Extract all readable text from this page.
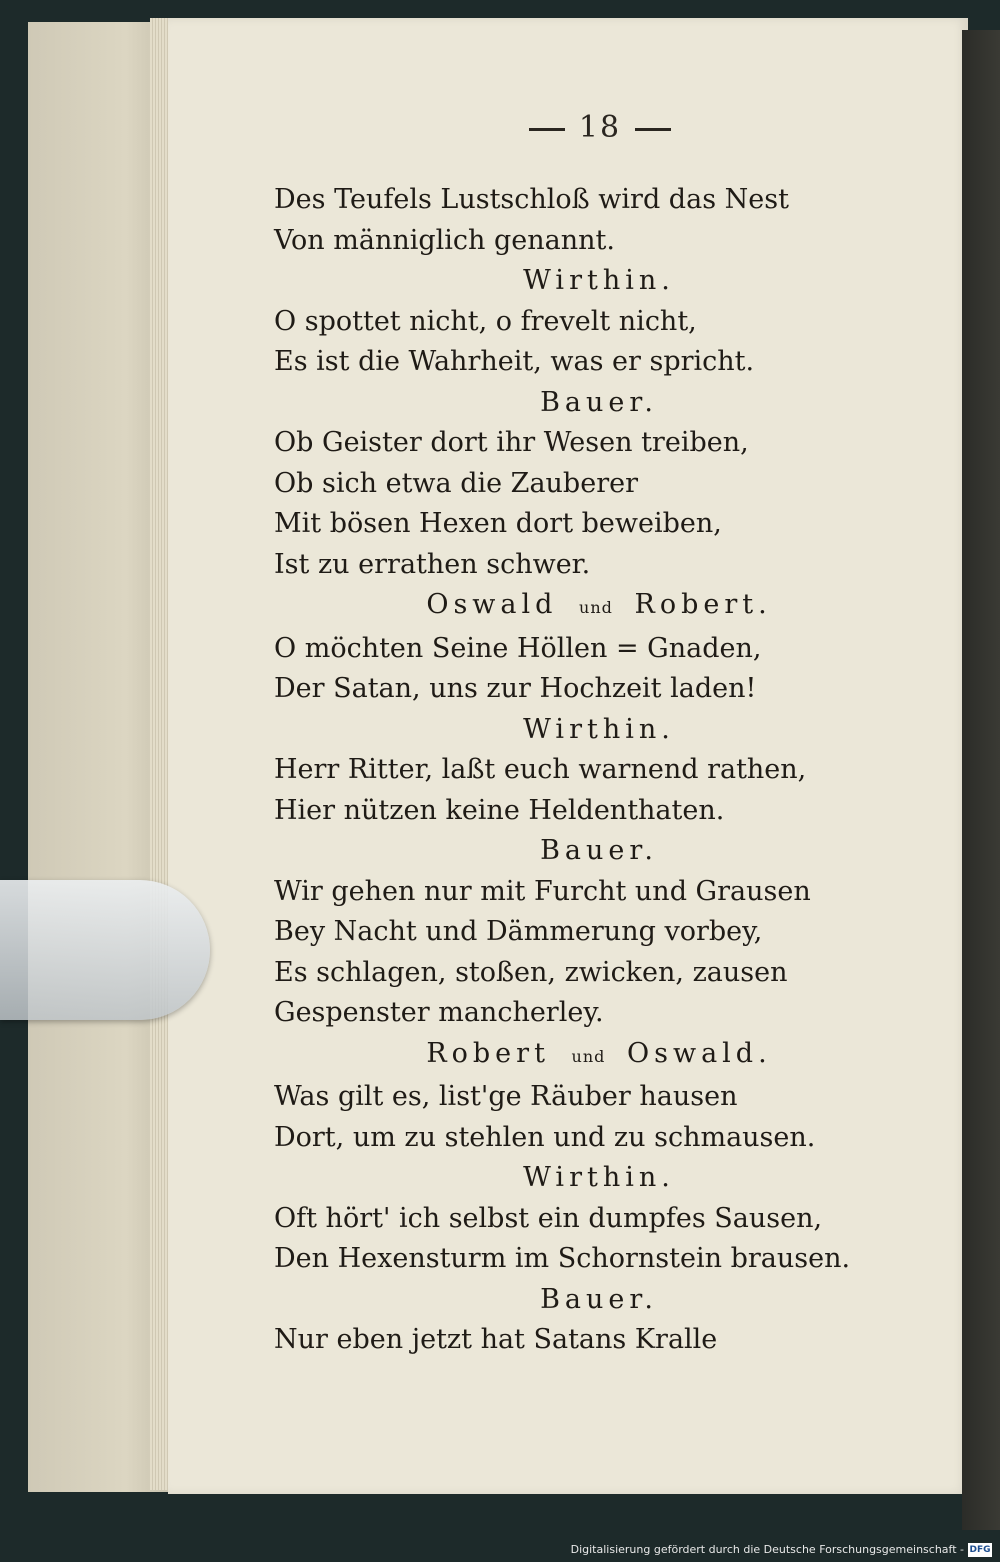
18
Des Teufels Lustschloß wird das Nest
Von männiglich genannt.
Wirthin.
O spottet nicht, o frevelt nicht,
Es ist die Wahrheit, was er spricht.
Bauer.
Ob Geister dort ihr Wesen treiben,
Ob sich etwa die Zauberer
Mit bösen Hexen dort beweiben,
Ist zu errathen schwer.
Oswald und Robert.
O möchten Seine Höllen = Gnaden,
Der Satan, uns zur Hochzeit laden!
Wirthin.
Herr Ritter, laßt euch warnend rathen,
Hier nützen keine Heldenthaten.
Bauer.
Wir gehen nur mit Furcht und Grausen
Bey Nacht und Dämmerung vorbey,
Es schlagen, stoßen, zwicken, zausen
Gespenster mancherley.
Robert und Oswald.
Was gilt es, list'ge Räuber hausen
Dort, um zu stehlen und zu schmausen.
Wirthin.
Oft hört' ich selbst ein dumpfes Sausen,
Den Hexensturm im Schornstein brausen.
Bauer.
Nur eben jetzt hat Satans Kralle
Digitalisierung gefördert durch die Deutsche Forschungsgemeinschaft - DFG
